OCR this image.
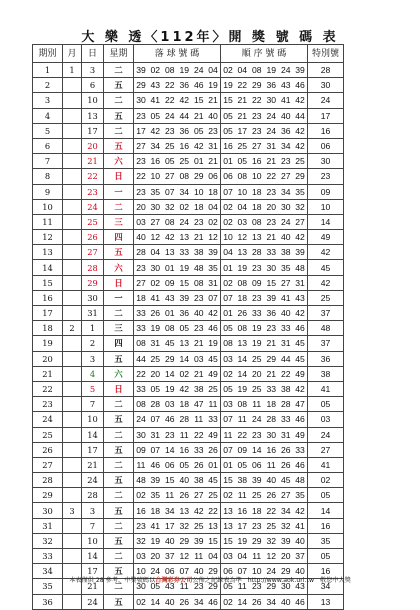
大 樂 透〈112年〉開 獎 號 碼 表
期別	月	日	星期	落 球 號 碼						順 序 號 碼						特別號
1	1	3	二	39	02	08	19	24	04	02	04	08	19	24	39	28
2		6	五	29	43	22	36	46	19	19	22	29	36	43	46	30
3		10	二	30	41	22	42	15	21	15	21	22	30	41	42	24
4		13	五	23	05	24	44	21	40	05	21	23	24	40	44	17
5		17	二	17	42	23	36	05	23	05	17	23	24	36	42	16
6		20	五	27	34	25	16	42	31	16	25	27	31	34	42	06
7		21	六	23	16	05	25	01	21	01	05	16	21	23	25	30
8		22	日	22	10	27	08	29	06	06	08	10	22	27	29	23
9		23	一	23	35	07	34	10	18	07	10	18	23	34	35	09
10		24	二	20	30	32	02	18	04	02	04	18	20	30	32	10
11		25	三	03	27	08	24	23	02	02	03	08	23	24	27	14
12		26	四	40	12	42	13	21	12	10	12	13	21	40	42	49
13		27	五	28	04	13	33	38	39	04	13	28	33	38	39	42
14		28	六	23	30	01	19	48	35	01	19	23	30	35	48	45
15		29	日	27	02	09	15	08	31	02	08	09	15	27	31	42
16		30	一	18	41	43	39	23	07	07	18	23	39	41	43	25
17		31	二	33	26	01	36	40	42	01	26	33	36	40	42	37
18	2	1	三	33	19	08	05	23	46	05	08	19	23	33	46	48
19		2	四	08	31	45	13	21	19	08	13	19	21	31	45	37
20		3	五	44	25	29	14	03	45	03	14	25	29	44	45	36
21		4	六	22	20	14	02	21	49	02	14	20	21	22	49	38
22		5	日	33	05	19	42	38	25	05	19	25	33	38	42	41
23		7	二	08	28	03	18	47	11	03	08	11	18	28	47	05
24		10	五	24	07	46	28	11	33	07	11	24	28	33	46	03
25		14	二	30	31	23	11	22	49	11	22	23	30	31	49	24
26		17	五	09	07	14	16	33	26	07	09	14	16	26	33	27
27		21	二	11	46	06	05	26	01	01	05	06	11	26	46	41
28		24	五	48	39	15	40	38	45	15	38	39	40	45	48	02
29		28	二	02	35	11	26	27	25	02	11	25	26	27	35	05
30	3	3	五	16	18	34	13	42	22	13	16	18	22	34	42	14
31		7	二	23	41	17	32	25	13	13	17	23	25	32	41	16
32		10	五	32	19	40	29	39	15	15	19	29	32	39	40	35
33		14	二	03	20	37	12	11	04	03	04	11	12	20	37	05
34		17	五	10	24	06	07	40	29	06	07	10	24	29	40	16
35		21	二	30	05	43	11	23	29	05	11	23	29	30	43	34
36		24	五	02	14	40	26	34	46	02	14	26	34	40	46	13
本表僅供 28 參考，中獎號碼以台灣彩券公司公佈之紀錄表為準 http://www.aok.url.tw 敬您中大獎
